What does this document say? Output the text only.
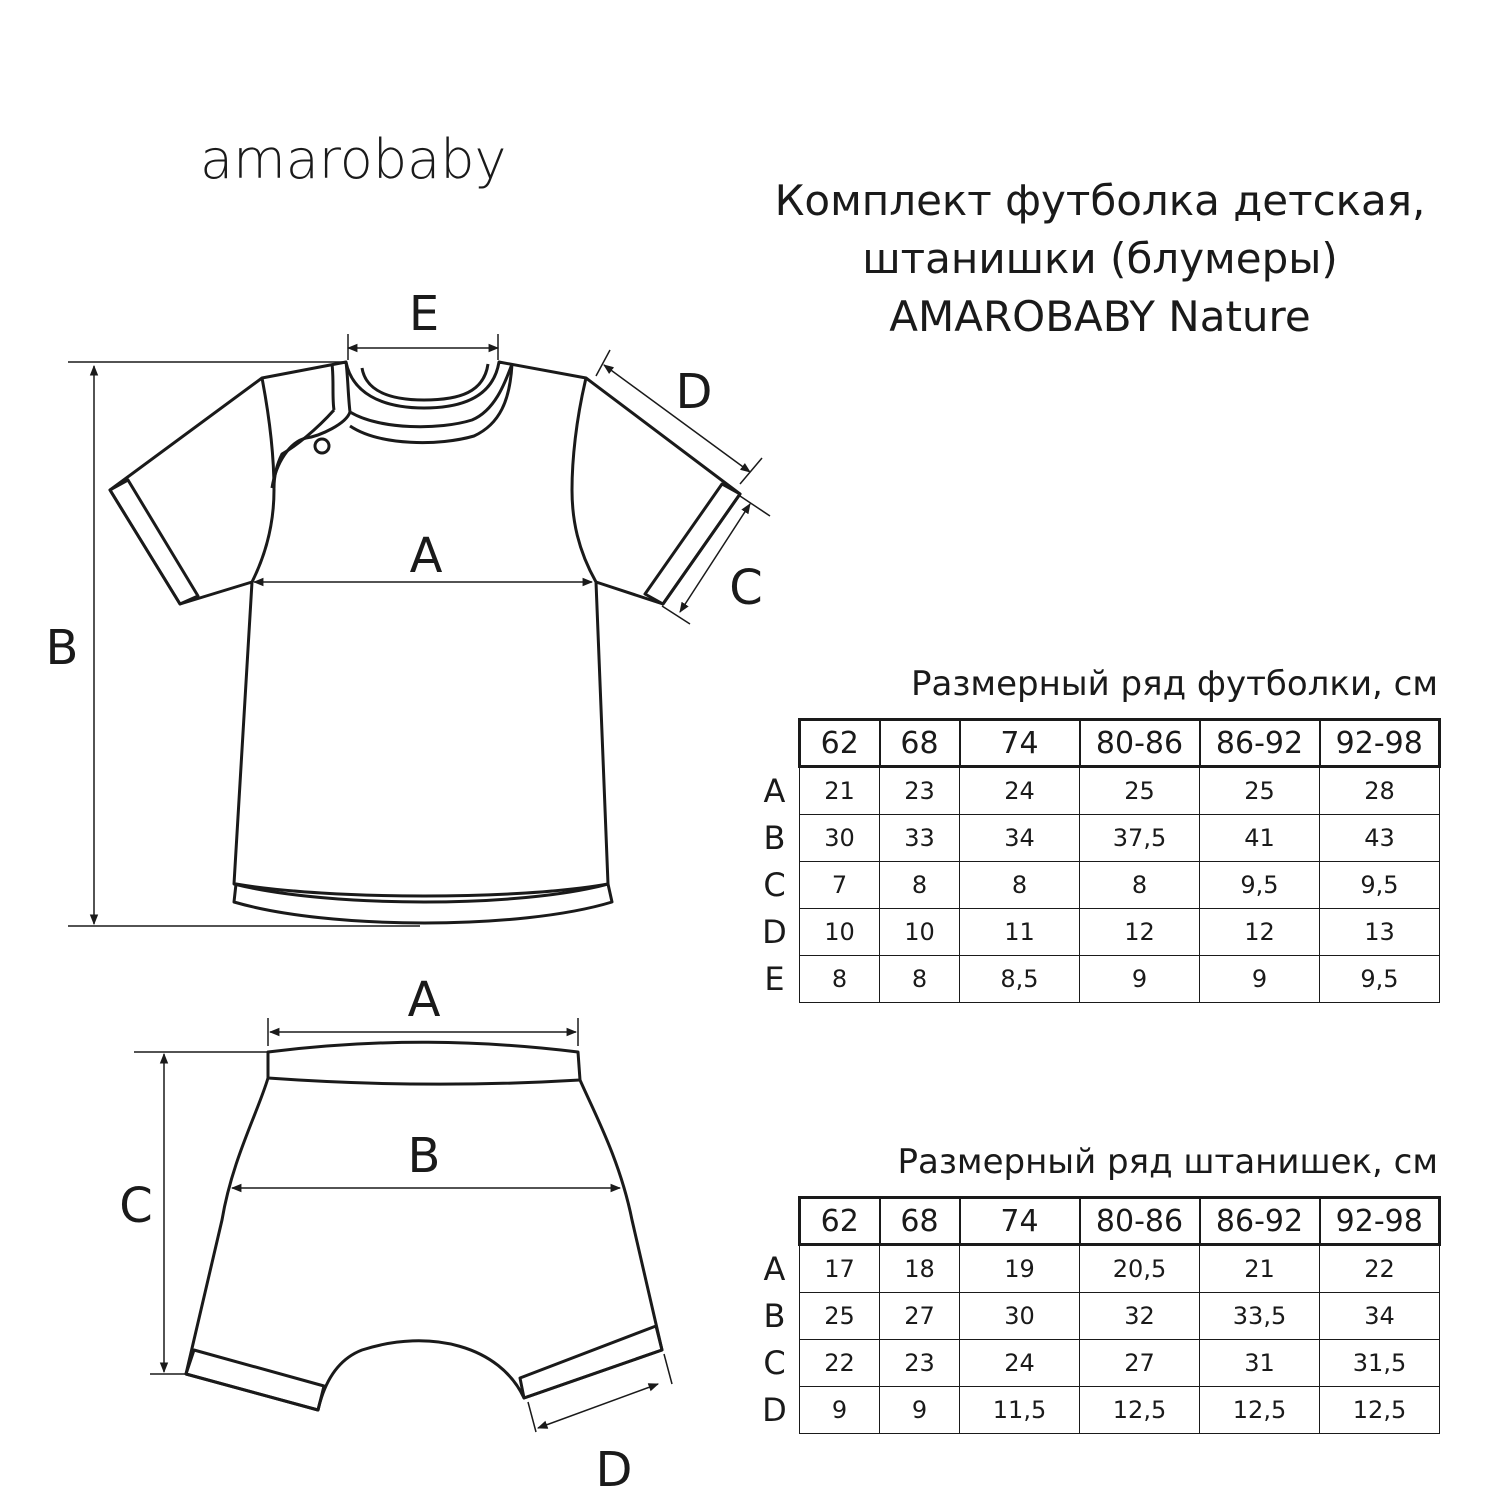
amarobaby
Комплект футболка детская,
штанишки (блумеры)
AMAROBABY Nature
E
D
A
C
B
A
B
C
D
Размерный ряд футболки, см
	62	68	74	80-86	86-92	92-98
A	21	23	24	25	25	28
B	30	33	34	37,5	41	43
C	7	8	8	8	9,5	9,5
D	10	10	11	12	12	13
E	8	8	8,5	9	9	9,5
Размерный ряд штанишек, см
	62	68	74	80-86	86-92	92-98
A	17	18	19	20,5	21	22
B	25	27	30	32	33,5	34
C	22	23	24	27	31	31,5
D	9	9	11,5	12,5	12,5	12,5
